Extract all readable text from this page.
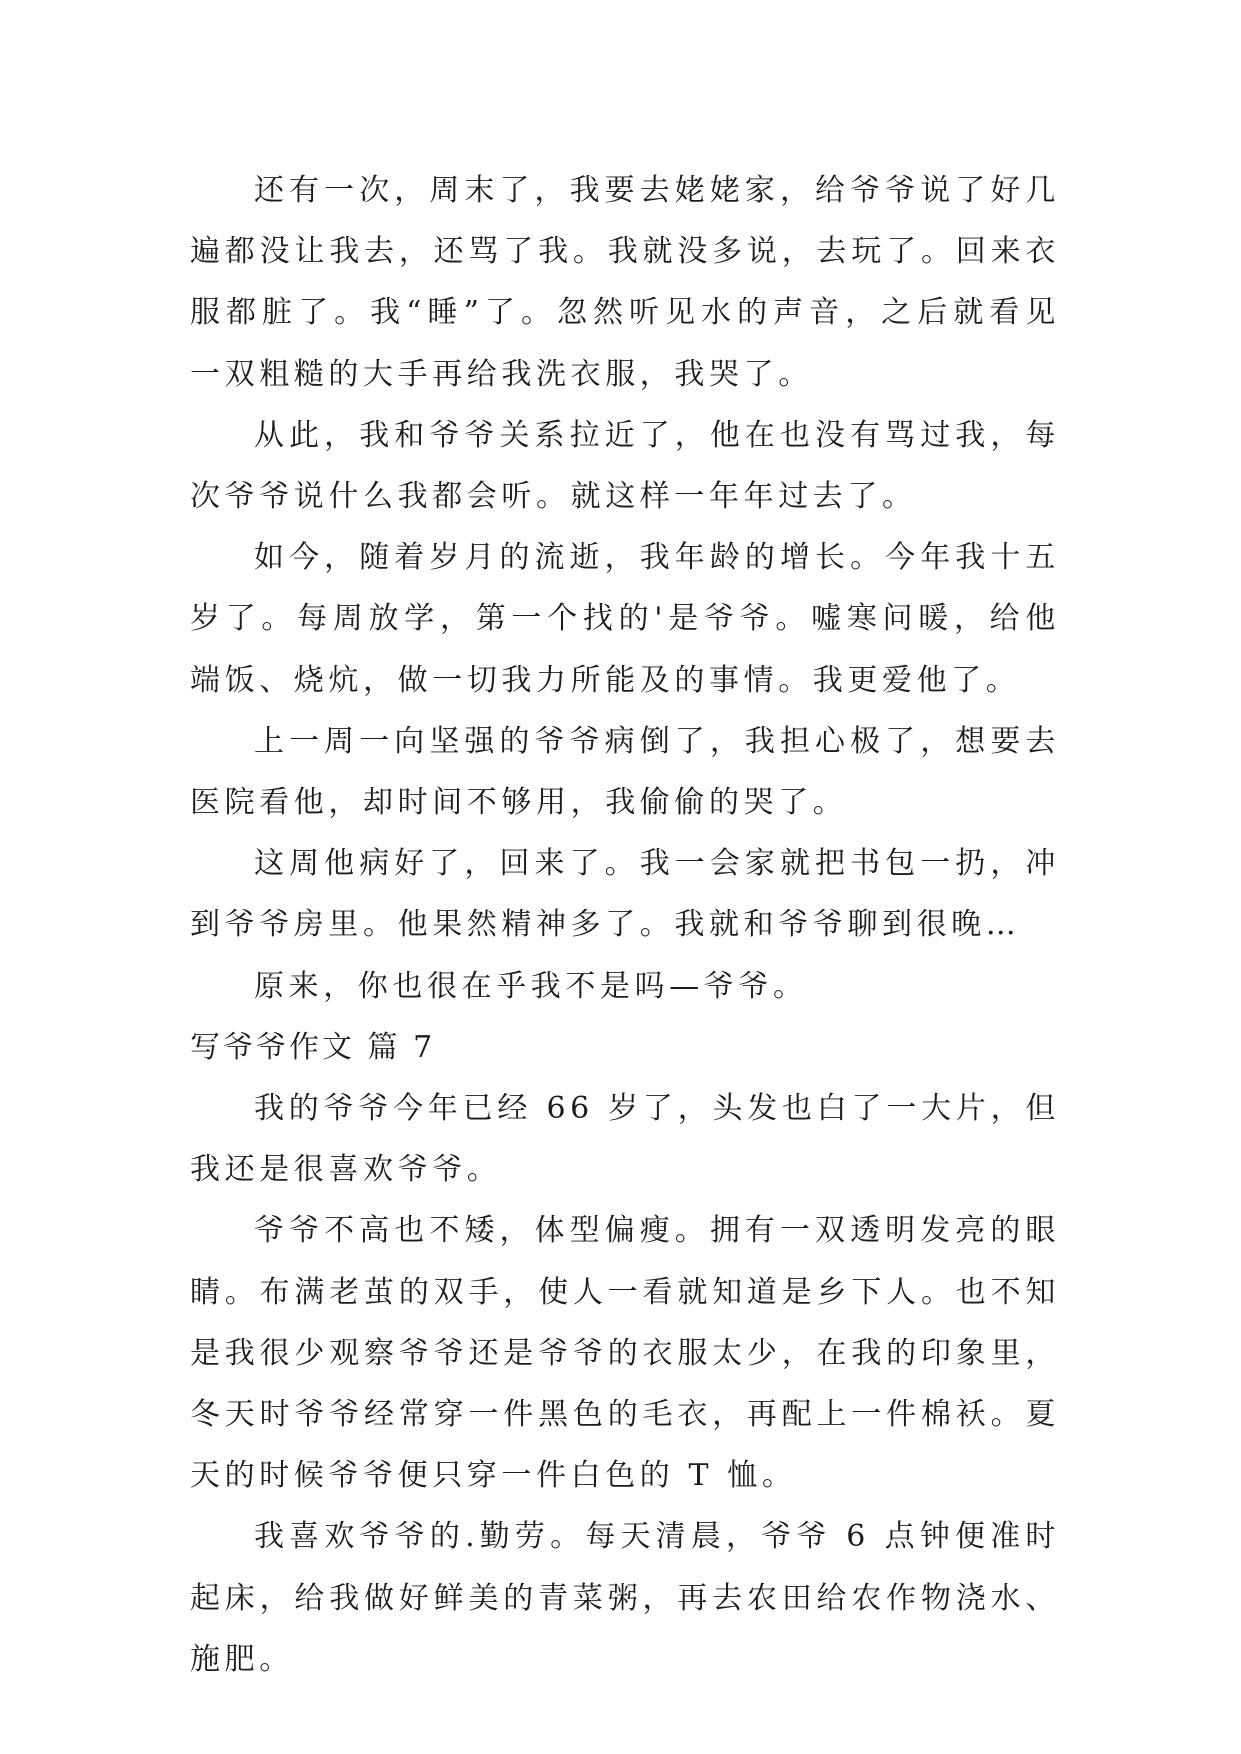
还有一次，周末了，我要去姥姥家，给爷爷说了好几遍都没让我去，还骂了我。我就没多说，去玩了。回来衣服都脏了。我“睡”了。忽然听见水的声音，之后就看见一双粗糙的大手再给我洗衣服，我哭了。

从此，我和爷爷关系拉近了，他在也没有骂过我，每次爷爷说什么我都会听。就这样一年年过去了。

如今，随着岁月的流逝，我年龄的增长。今年我十五岁了。每周放学，第一个找的'是爷爷。嘘寒问暖，给他端饭、烧炕，做一切我力所能及的事情。我更爱他了。

上一周一向坚强的爷爷病倒了，我担心极了，想要去医院看他，却时间不够用，我偷偷的哭了。

这周他病好了，回来了。我一会家就把书包一扔，冲到爷爷房里。他果然精神多了。我就和爷爷聊到很晚…

原来，你也很在乎我不是吗—爷爷。

写爷爷作文 篇 7

我的爷爷今年已经 66 岁了，头发也白了一大片，但我还是很喜欢爷爷。

爷爷不高也不矮，体型偏瘦。拥有一双透明发亮的眼睛。布满老茧的双手，使人一看就知道是乡下人。也不知是我很少观察爷爷还是爷爷的衣服太少，在我的印象里，冬天时爷爷经常穿一件黑色的毛衣，再配上一件棉袄。夏天的时候爷爷便只穿一件白色的 T 恤。

我喜欢爷爷的.勤劳。每天清晨，爷爷 6 点钟便准时起床，给我做好鲜美的青菜粥，再去农田给农作物浇水、施肥。
